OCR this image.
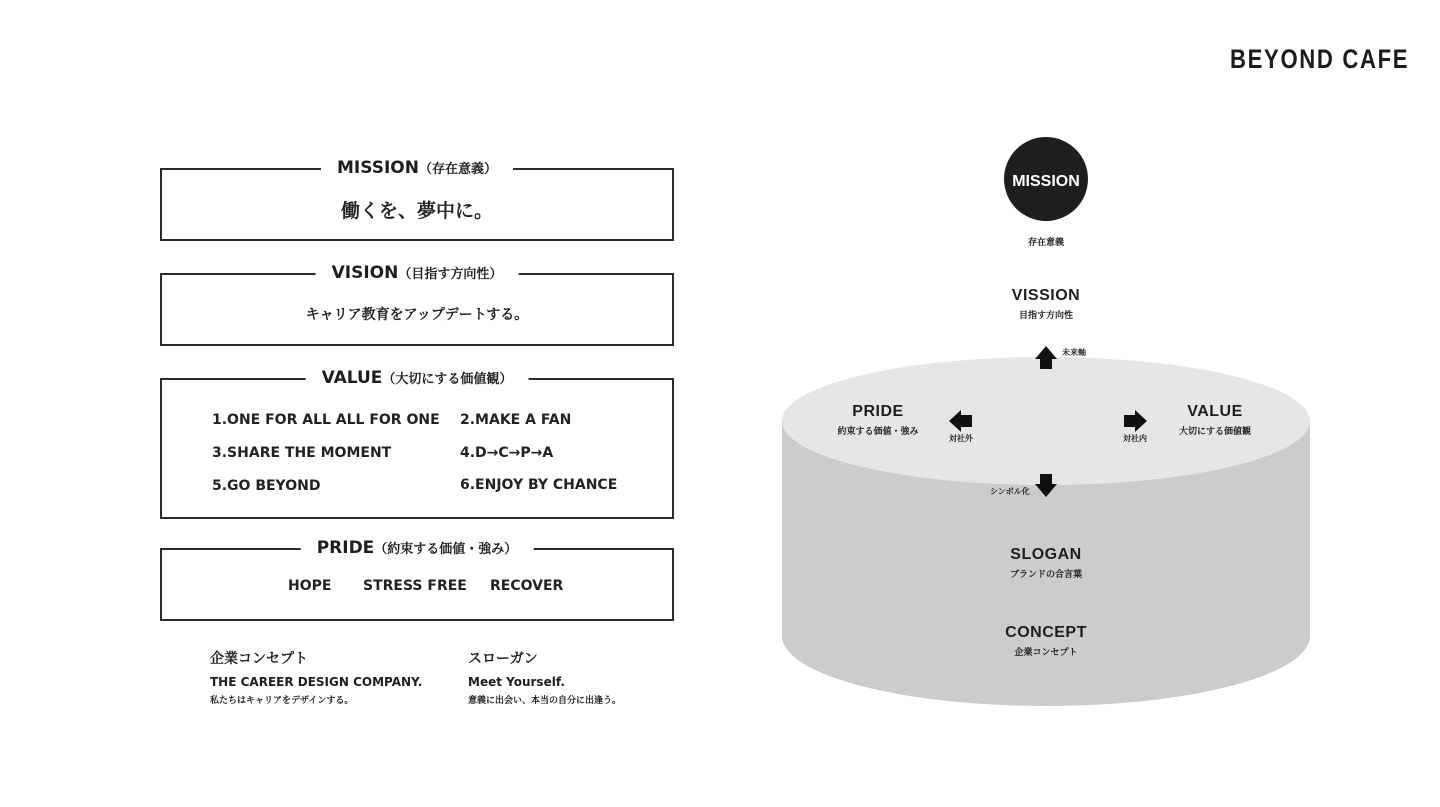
BEYOND CAFE
MISSION（存在意義）
働くを、夢中に。
VISION（目指す方向性）
キャリア教育をアップデートする。
VALUE（大切にする価値観）
1.ONE FOR ALL ALL FOR ONE 2.MAKE A FAN
3.SHARE THE MOMENT	4.D→C→P→A
5.GO BEYOND	6.ENJOY BY CHANCE
PRIDE（約束する価値・強み）
HOPE STRESS FREE RECOVER
企業コンセプト
THE CAREER DESIGN COMPANY.
私たちはキャリアをデザインする。
スローガン
Meet Yourself.
意義に出会い、本当の自分に出逢う。
MISSION
存在意義
VISSION
目指す方向性
PRIDE
約束する価値・強み
VALUE
大切にする価値観
SLOGAN
ブランドの合言葉
CONCEPT
企業コンセプト
未来軸
対社外	対社内
シンボル化
